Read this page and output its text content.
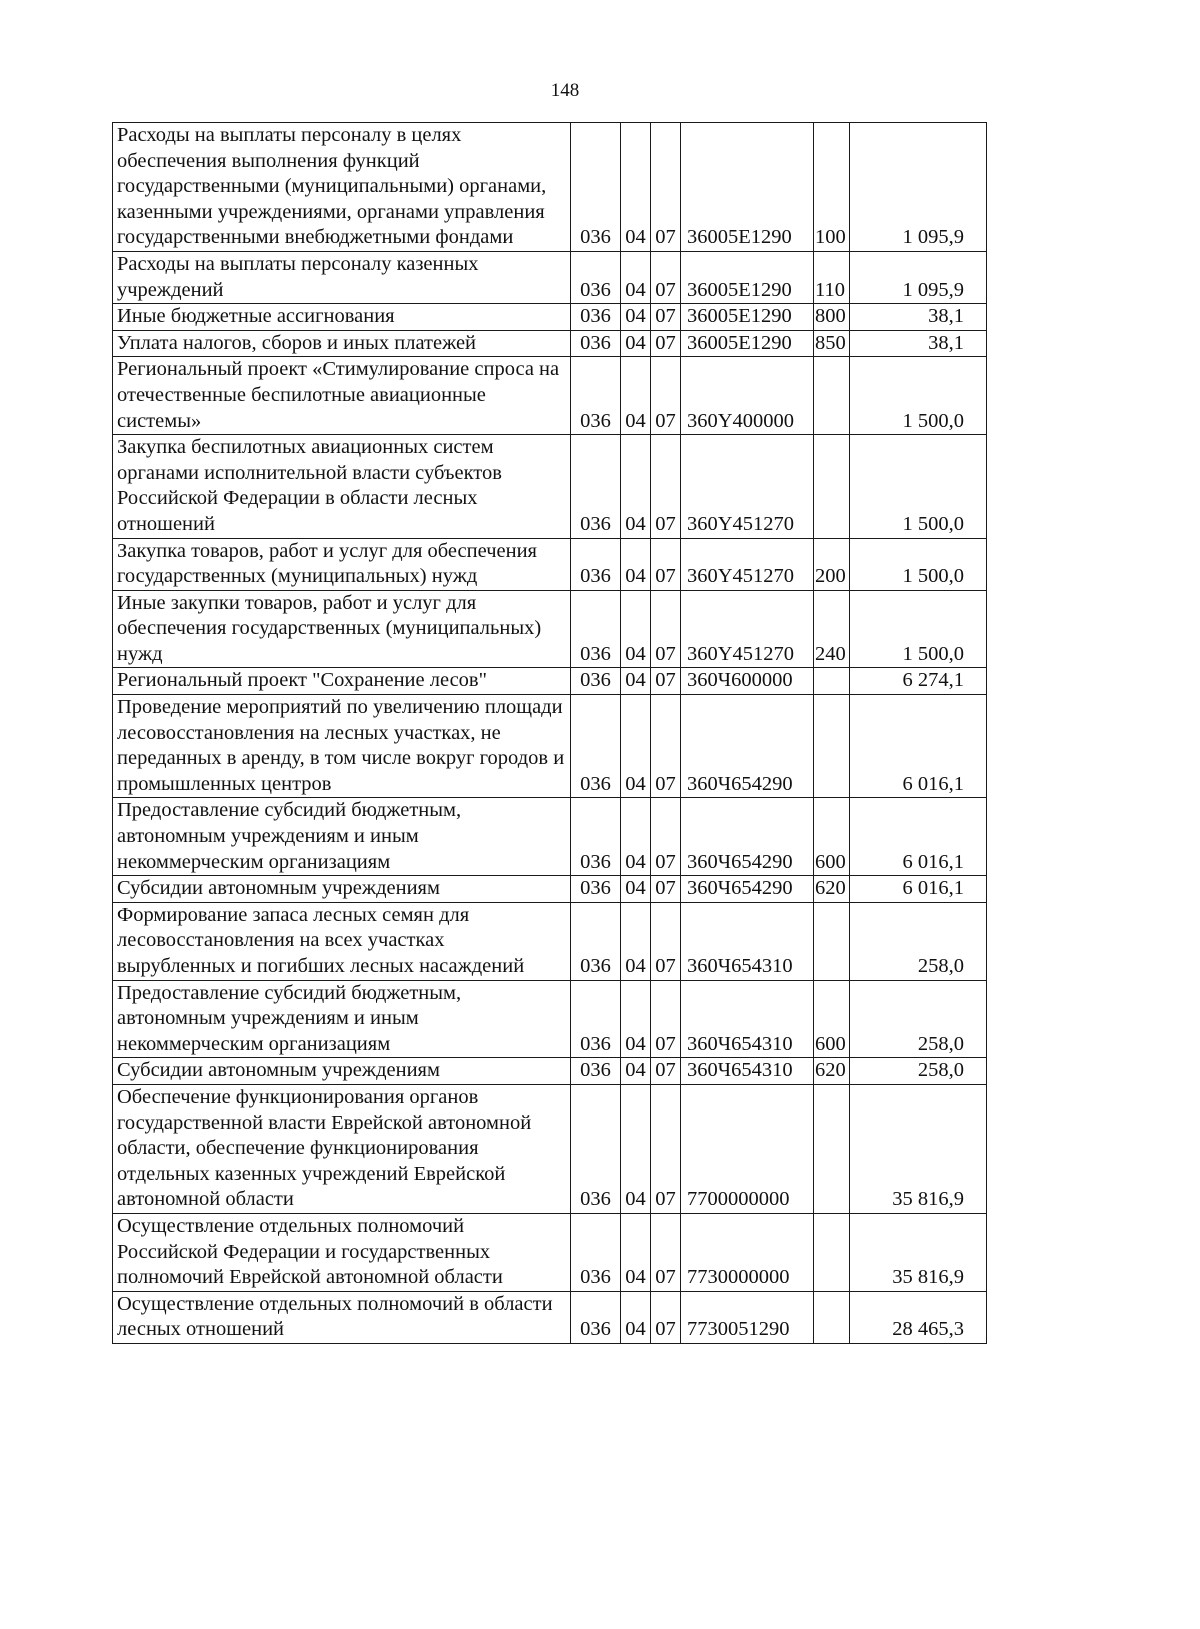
148
Расходы на выплаты персоналу в целях обеспечения выполнения функций государственными (муниципальными) органами, казенными учреждениями, органами управления государственными внебюджетными фондами	036	04	07	36005E1290	100	1 095,9
Расходы на выплаты персоналу казенных учреждений	036	04	07	36005E1290	110	1 095,9
Иные бюджетные ассигнования	036	04	07	36005E1290	800	38,1
Уплата налогов, сборов и иных платежей	036	04	07	36005E1290	850	38,1
Региональный проект «Стимулирование спроса на отечественные беспилотные авиационные системы»	036	04	07	360Y400000		1 500,0
Закупка беспилотных авиационных систем органами исполнительной власти субъектов Российской Федерации в области лесных отношений	036	04	07	360Y451270		1 500,0
Закупка товаров, работ и услуг для обеспечения государственных (муниципальных) нужд	036	04	07	360Y451270	200	1 500,0
Иные закупки товаров, работ и услуг для обеспечения государственных (муниципальных) нужд	036	04	07	360Y451270	240	1 500,0
Региональный проект "Сохранение лесов"	036	04	07	360Ч600000		6 274,1
Проведение мероприятий по увеличению площади лесовосстановления на лесных участках, не переданных в аренду, в том числе вокруг городов и промышленных центров	036	04	07	360Ч654290		6 016,1
Предоставление субсидий бюджетным, автономным учреждениям и иным некоммерческим организациям	036	04	07	360Ч654290	600	6 016,1
Субсидии автономным учреждениям	036	04	07	360Ч654290	620	6 016,1
Формирование запаса лесных семян для лесовосстановления на всех участках вырубленных и погибших лесных насаждений	036	04	07	360Ч654310		258,0
Предоставление субсидий бюджетным, автономным учреждениям и иным некоммерческим организациям	036	04	07	360Ч654310	600	258,0
Субсидии автономным учреждениям	036	04	07	360Ч654310	620	258,0
Обеспечение функционирования органов государственной власти Еврейской автономной области, обеспечение функционирования отдельных казенных учреждений Еврейской автономной области	036	04	07	7700000000		35 816,9
Осуществление отдельных полномочий Российской Федерации и государственных полномочий Еврейской автономной области	036	04	07	7730000000		35 816,9
Осуществление отдельных полномочий в области лесных отношений	036	04	07	7730051290		28 465,3
